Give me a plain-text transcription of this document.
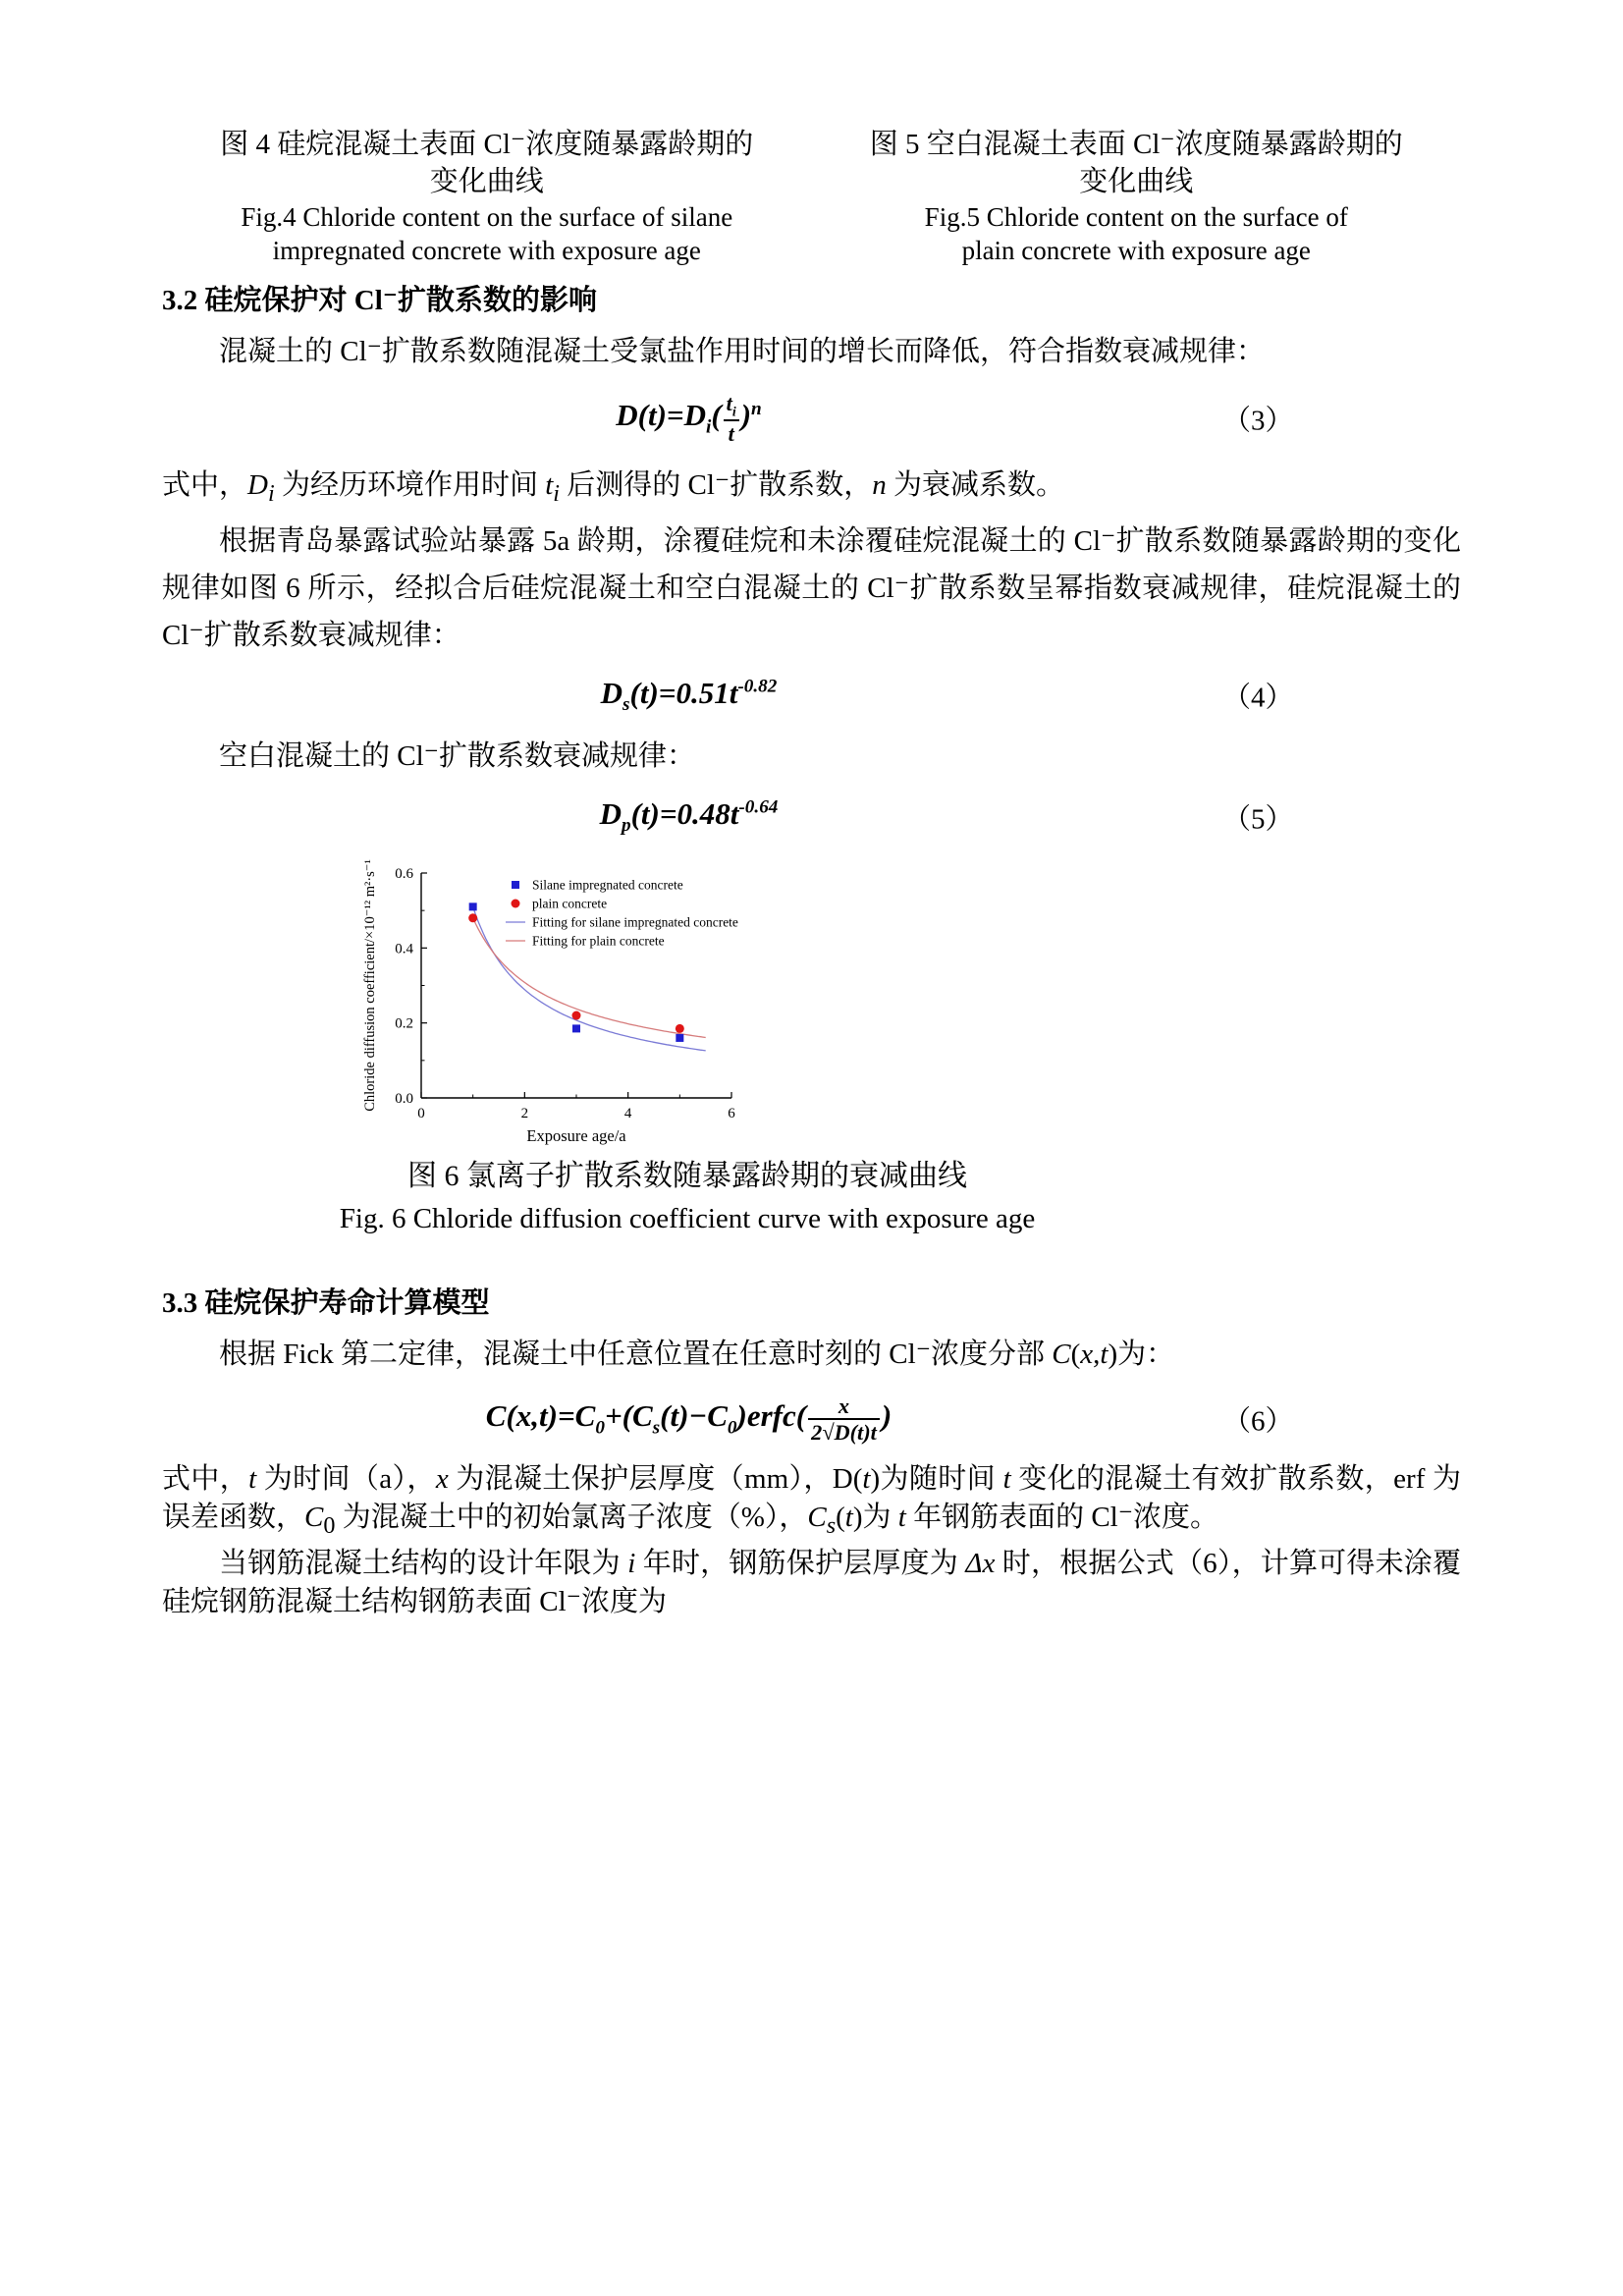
图 4 硅烷混凝土表面 Cl⁻浓度随暴露龄期的
变化曲线
Fig.4 Chloride content on the surface of silane
impregnated concrete with exposure age
图 5 空白混凝土表面 Cl⁻浓度随暴露龄期的
变化曲线
Fig.5 Chloride content on the surface of
plain concrete with exposure age
3.2 硅烷保护对 Cl⁻扩散系数的影响

混凝土的 Cl⁻扩散系数随混凝土受氯盐作用时间的增长而降低，符合指数衰减规律：

$D(t)=D_i( \frac{t_i}{t} )^n$	（3）

式中，$D_i$ 为经历环境作用时间 $t_i$ 后测得的 Cl⁻扩散系数，n 为衰减系数。

根据青岛暴露试验站暴露 5a 龄期，涂覆硅烷和未涂覆硅烷混凝土的 Cl⁻扩散系数随暴露龄期的变化规律如图 6 所示，经拟合后硅烷混凝土和空白混凝土的 Cl⁻扩散系数呈幂指数衰减规律，硅烷混凝土的 Cl⁻扩散系数衰减规律：

$D_s(t)=0.51t^{-0.82}$	（4）

空白混凝土的 Cl⁻扩散系数衰减规律：

$D_p(t)=0.48t^{-0.64}$	（5）
0	2	4	6
0.0
0.2
0.4
0.6
Exposure age/a
Chloride diffusion coefficient/×10⁻¹² m²·s⁻¹	Silane impregnated concrete
plain concrete
Fitting for silane impregnated concrete
Fitting for plain concrete
图 6 氯离子扩散系数随暴露龄期的衰减曲线
Fig. 6 Chloride diffusion coefficient curve with exposure age
3.3 硅烷保护寿命计算模型

根据 Fick 第二定律，混凝土中任意位置在任意时刻的 Cl⁻浓度分部 C(x,t)为：

$C(x,t)=C_0+(C_s(t)-C_0)erfc( \frac{x}{2√D(t)t}$ )	（6）

式中，t 为时间（a），x 为混凝土保护层厚度（mm），D(t)为随时间 t 变化的混凝土有效扩散系数，erf 为误差函数，$C_0$ 为混凝土中的初始氯离子浓度（%），$C_s(t)$为 t 年钢筋表面的 Cl⁻浓度。

当钢筋混凝土结构的设计年限为 i 年时，钢筋保护层厚度为 Δx 时，根据公式（6），计算可得未涂覆硅烷钢筋混凝土结构钢筋表面 Cl⁻浓度为
